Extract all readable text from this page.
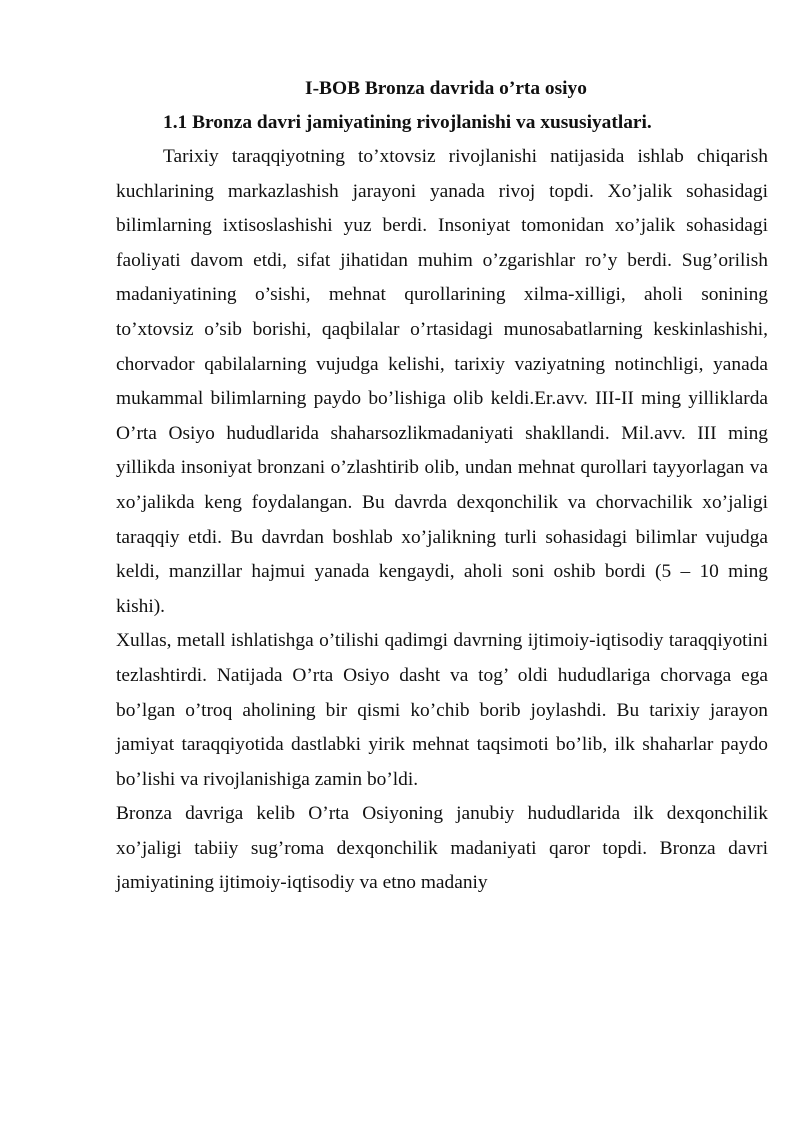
I-BOB Bronza davrida o’rta osiyo
1.1 Bronza davri jamiyatining rivojlanishi va xususiyatlari.

Tarixiy taraqqiyotning to’xtovsiz rivojlanishi natijasida ishlab chiqarish kuchlarining markazlashish jarayoni yanada rivoj topdi. Xo’jalik sohasidagi bilimlarning ixtisoslashishi yuz berdi. Insoniyat tomonidan xo’jalik sohasidagi faoliyati davom etdi, sifat jihatidan muhim o’zgarishlar ro’y berdi. Sug’orilish madaniyatining o’sishi, mehnat qurollarining xilma-xilligi, aholi sonining to’xtovsiz o’sib borishi, qaqbilalar o’rtasidagi munosabatlarning keskinlashishi, chorvador qabilalarning vujudga kelishi, tarixiy vaziyatning notinchligi, yanada mukammal bilimlarning paydo bo’lishiga olib keldi.Er.avv. III-II ming yilliklarda O’rta Osiyo hududlarida shaharsozlikmadaniyati shakllandi. Mil.avv. III ming yillikda insoniyat bronzani o’zlashtirib olib, undan mehnat qurollari tayyorlagan va xo’jalikda keng foydalangan. Bu davrda dexqonchilik va chorvachilik xo’jaligi taraqqiy etdi. Bu davrdan boshlab xo’jalikning turli sohasidagi bilimlar vujudga keldi, manzillar hajmui yanada kengaydi, aholi soni oshib bordi (5 – 10 ming kishi).

Xullas, metall ishlatishga o’tilishi qadimgi davrning ijtimoiy-iqtisodiy taraqqiyotini tezlashtirdi. Natijada O’rta Osiyo dasht va tog’ oldi hududlariga chorvaga ega bo’lgan o’troq aholining bir qismi ko’chib borib joylashdi. Bu tarixiy jarayon jamiyat taraqqiyotida dastlabki yirik mehnat taqsimoti bo’lib, ilk shaharlar paydo bo’lishi va rivojlanishiga zamin bo’ldi.

Bronza davriga kelib O’rta Osiyoning janubiy hududlarida ilk dexqonchilik xo’jaligi tabiiy sug’roma dexqonchilik madaniyati qaror topdi. Bronza davri jamiyatining ijtimoiy-iqtisodiy va etno madaniy
